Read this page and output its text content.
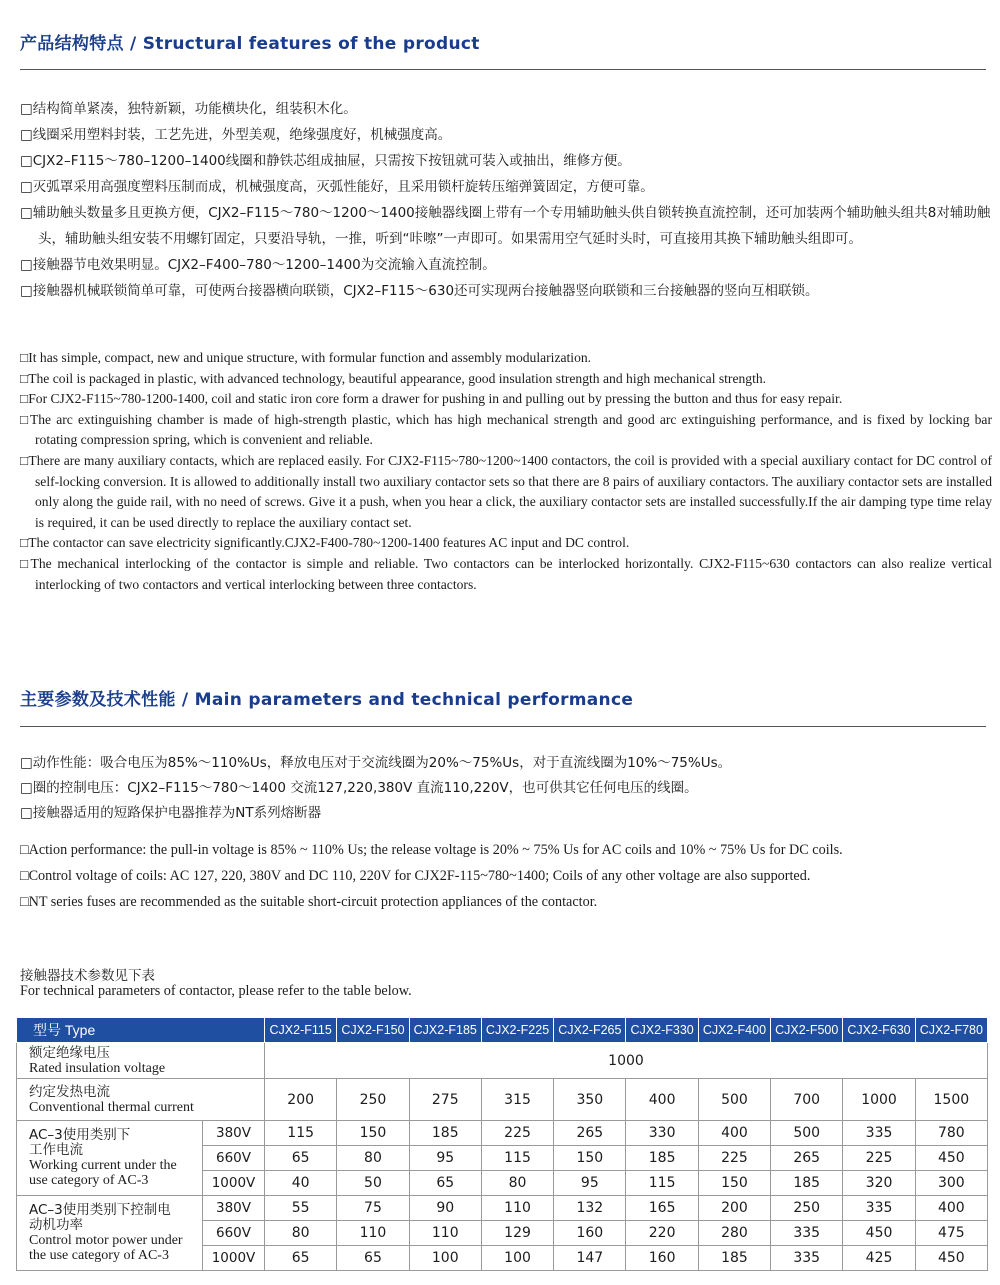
产品结构特点 / Structural features of the product
□结构简单紧凑，独特新颖，功能横块化，组装积木化。
□线圈采用塑料封装，工艺先进，外型美观，绝缘强度好，机械强度高。
□CJX2–F115～780–1200–1400线圈和静铁芯组成抽屉，只需按下按钮就可装入或抽出，维修方便。
□灭弧罩采用高强度塑料压制而成，机械强度高，灭弧性能好，且采用锁杆旋转压缩弹簧固定，方便可靠。
□辅助触头数量多且更换方便，CJX2–F115～780～1200～1400接触器线圈上带有一个专用辅助触头供自锁转换直流控制，还可加装两个辅助触头组共8对辅助触头，辅助触头组安装不用螺钉固定，只要沿导轨，一推，听到“咔嚓”一声即可。如果需用空气延时头时，可直接用其换下辅助触头组即可。
□接触器节电效果明显。CJX2–F400–780～1200–1400为交流输入直流控制。
□接触器机械联锁简单可靠，可使两台接器横向联锁，CJX2–F115～630还可实现两台接触器竖向联锁和三台接触器的竖向互相联锁。
□It has simple, compact, new and unique structure, with formular function and assembly modularization.
□The coil is packaged in plastic, with advanced technology, beautiful appearance, good insulation strength and high mechanical strength.
□For CJX2-F115~780-1200-1400, coil and static iron core form a drawer for pushing in and pulling out by pressing the button and thus for easy repair.
□The arc extinguishing chamber is made of high-strength plastic, which has high mechanical strength and good arc extinguishing performance, and is fixed by locking bar rotating compression spring, which is convenient and reliable.
□There are many auxiliary contacts, which are replaced easily. For CJX2-F115~780~1200~1400 contactors, the coil is provided with a special auxiliary contact for DC control of self-locking conversion. It is allowed to additionally install two auxiliary contactor sets so that there are 8 pairs of auxiliary contactors. The auxiliary contactor sets are installed only along the guide rail, with no need of screws. Give it a push, when you hear a click, the auxiliary contactor sets are installed successfully.If the air damping type time relay is required, it can be used directly to replace the auxiliary contact set.
□The contactor can save electricity significantly.CJX2-F400-780~1200-1400 features AC input and DC control.
□The mechanical interlocking of the contactor is simple and reliable. Two contactors can be interlocked horizontally. CJX2-F115~630 contactors can also realize vertical interlocking of two contactors and vertical interlocking between three contactors.
主要参数及技术性能 / Main parameters and technical performance
□动作性能：吸合电压为85%～110%Us，释放电压对于交流线圈为20%～75%Us，对于直流线圈为10%～75%Us。
□圈的控制电压：CJX2–F115～780～1400 交流127,220,380V 直流110,220V，也可供其它任何电压的线圈。
□接触器适用的短路保护电器推荐为NT系列熔断器
□Action performance: the pull-in voltage is 85% ~ 110% Us; the release voltage is 20% ~ 75% Us for AC coils and 10% ~ 75% Us for DC coils.
□Control voltage of coils: AC 127, 220, 380V and DC 110, 220V for CJX2F-115~780~1400; Coils of any other voltage are also supported.
□NT series fuses are recommended as the suitable short-circuit protection appliances of the contactor.
接触器技术参数见下表
For technical parameters of contactor, please refer to the table below.
型号 Type		CJX2-F115	CJX2-F150	CJX2-F185	CJX2-F225	CJX2-F265	CJX2-F330	CJX2-F400	CJX2-F500	CJX2-F630	CJX2-F780

额定绝缘电压
Rated insulation voltage		1000									

约定发热电流
Conventional thermal current		200	250	275	315	350	400	500	700	1000	1500

AC–3使用类别下
工作电流
Working current under the
use category of AC-3	380V	115	150	185	225	265	330	400	500	335	780
	660V	65	80	95	115	150	185	225	265	225	450
	1000V	40	50	65	80	95	115	150	185	320	300

AC–3使用类别下控制电
动机功率
Control motor power under
the use category of AC-3	380V	55	75	90	110	132	165	200	250	335	400
	660V	80	110	110	129	160	220	280	335	450	475
	1000V	65	65	100	100	147	160	185	335	425	450
